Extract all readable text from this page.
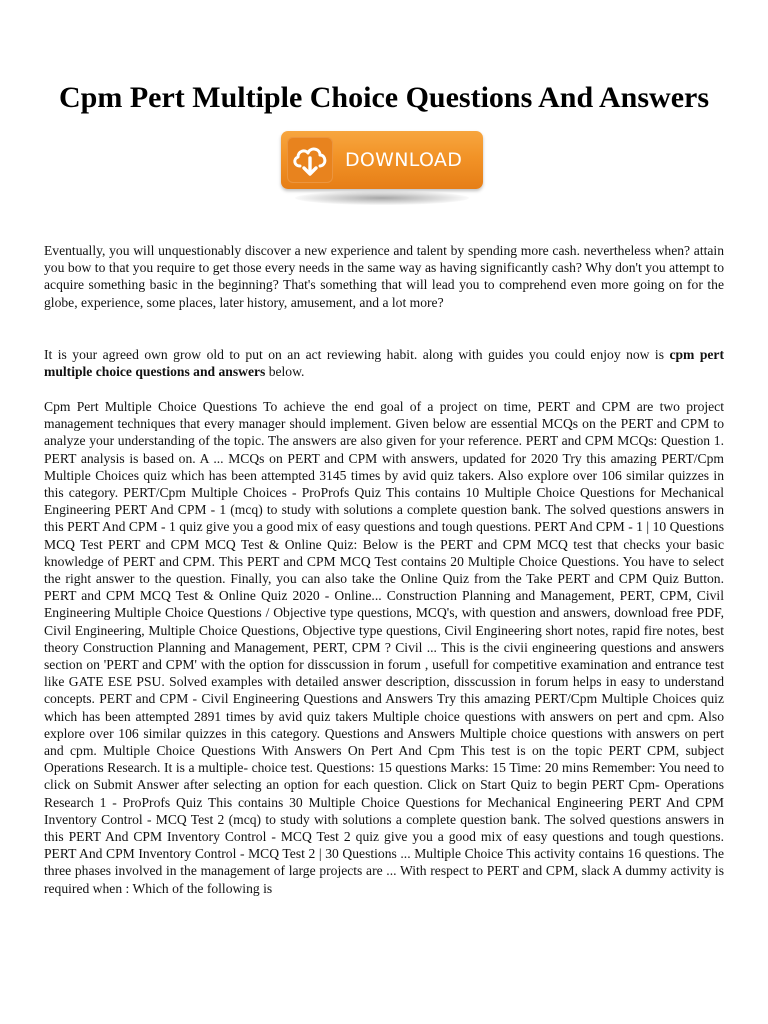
Cpm Pert Multiple Choice Questions And Answers
DOWNLOAD

Eventually, you will unquestionably discover a new experience and talent by spending more cash. nevertheless when? attain you bow to that you require to get those every needs in the same way as having significantly cash? Why don't you attempt to acquire something basic in the beginning? That's something that will lead you to comprehend even more going on for the globe, experience, some places, later history, amusement, and a lot more?

It is your agreed own grow old to put on an act reviewing habit. along with guides you could enjoy now is cpm pert multiple choice questions and answers below.

Cpm Pert Multiple Choice Questions To achieve the end goal of a project on time, PERT and CPM are two project management techniques that every manager should implement. Given below are essential MCQs on the PERT and CPM to analyze your understanding of the topic. The answers are also given for your reference. PERT and CPM MCQs: Question 1. PERT analysis is based on. A ... MCQs on PERT and CPM with answers, updated for 2020 Try this amazing PERT/Cpm Multiple Choices quiz which has been attempted 3145 times by avid quiz takers. Also explore over 106 similar quizzes in this category. PERT/Cpm Multiple Choices - ProProfs Quiz This contains 10 Multiple Choice Questions for Mechanical Engineering PERT And CPM - 1 (mcq) to study with solutions a complete question bank. The solved questions answers in this PERT And CPM - 1 quiz give you a good mix of easy questions and tough questions. PERT And CPM - 1 | 10 Questions MCQ Test PERT and CPM MCQ Test & Online Quiz: Below is the PERT and CPM MCQ test that checks your basic knowledge of PERT and CPM. This PERT and CPM MCQ Test contains 20 Multiple Choice Questions. You have to select the right answer to the question. Finally, you can also take the Online Quiz from the Take PERT and CPM Quiz Button. PERT and CPM MCQ Test & Online Quiz 2020 - Online... Construction Planning and Management, PERT, CPM, Civil Engineering Multiple Choice Questions / Objective type questions, MCQ's, with question and answers, download free PDF, Civil Engineering, Multiple Choice Questions, Objective type questions, Civil Engineering short notes, rapid fire notes, best theory Construction Planning and Management, PERT, CPM ? Civil ... This is the civii engineering questions and answers section on 'PERT and CPM' with the option for disscussion in forum , usefull for competitive examination and entrance test like GATE ESE PSU. Solved examples with detailed answer description, disscussion in forum helps in easy to understand concepts. PERT and CPM - Civil Engineering Questions and Answers Try this amazing PERT/Cpm Multiple Choices quiz which has been attempted 2891 times by avid quiz takers Multiple choice questions with answers on pert and cpm. Also explore over 106 similar quizzes in this category. Questions and Answers Multiple choice questions with answers on pert and cpm. Multiple Choice Questions With Answers On Pert And Cpm This test is on the topic PERT CPM, subject Operations Research. It is a multiple- choice test. Questions: 15 questions Marks: 15 Time: 20 mins Remember: You need to click on Submit Answer after selecting an option for each question. Click on Start Quiz to begin PERT Cpm- Operations Research 1 - ProProfs Quiz This contains 30 Multiple Choice Questions for Mechanical Engineering PERT And CPM Inventory Control - MCQ Test 2 (mcq) to study with solutions a complete question bank. The solved questions answers in this PERT And CPM Inventory Control - MCQ Test 2 quiz give you a good mix of easy questions and tough questions. PERT And CPM Inventory Control - MCQ Test 2 | 30 Questions ... Multiple Choice This activity contains 16 questions. The three phases involved in the management of large projects are ... With respect to PERT and CPM, slack A dummy activity is required when : Which of the following is
